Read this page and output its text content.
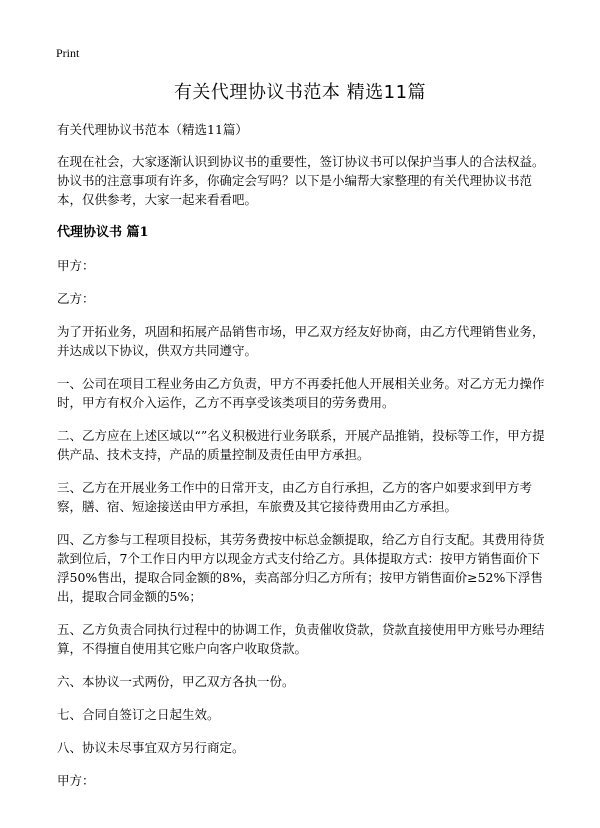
Print
有关代理协议书范本 精选11篇

有关代理协议书范本（精选11篇）

在现在社会，大家逐渐认识到协议书的重要性，签订协议书可以保护当事人的合法权益。协议书的注意事项有许多，你确定会写吗？以下是小编帮大家整理的有关代理协议书范本，仅供参考，大家一起来看看吧。

代理协议书 篇1

甲方：

乙方：

为了开拓业务，巩固和拓展产品销售市场，甲乙双方经友好协商，由乙方代理销售业务，并达成以下协议，供双方共同遵守。

一、公司在项目工程业务由乙方负责，甲方不再委托他人开展相关业务。对乙方无力操作时，甲方有权介入运作，乙方不再享受该类项目的劳务费用。

二、乙方应在上述区域以“”名义积极进行业务联系，开展产品推销，投标等工作，甲方提供产品、技术支持，产品的质量控制及责任由甲方承担。

三、乙方在开展业务工作中的日常开支，由乙方自行承担，乙方的客户如要求到甲方考察，膳、宿、短途接送由甲方承担，车旅费及其它接待费用由乙方承担。

四、乙方参与工程项目投标，其劳务费按中标总金额提取，给乙方自行支配。其费用待货款到位后，7个工作日内甲方以现金方式支付给乙方。具体提取方式：按甲方销售面价下浮50%售出，提取合同金额的8%，卖高部分归乙方所有；按甲方销售面价≥52%下浮售出，提取合同金额的5%；

五、乙方负责合同执行过程中的协调工作，负责催收贷款，贷款直接使用甲方账号办理结算，不得擅自使用其它账户向客户收取贷款。

六、本协议一式两份，甲乙双方各执一份。

七、合同自签订之日起生效。

八、协议未尽事宜双方另行商定。

甲方：
